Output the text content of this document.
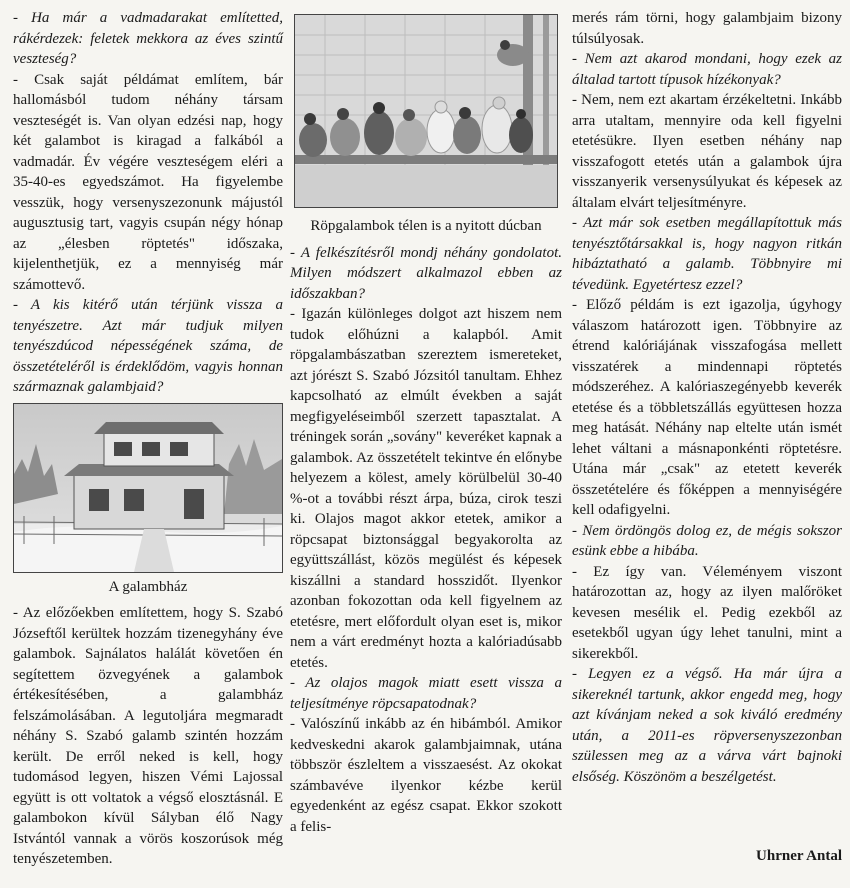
- Ha már a vadmadarakat említetted, rákérdezek: feletek mekkora az éves szintű veszteség?

- Csak saját példámat említem, bár hallomásból tudom néhány társam veszteségét is. Van olyan edzési nap, hogy két galambot is kiragad a falkából a vadmadár. Év végére veszteségem eléri a 35-40-es egyedszámot. Ha figyelembe vesszük, hogy versenyszezonunk májustól augusztusig tart, vagyis csupán négy hónap az „élesben röptetés" időszaka, kijelenthetjük, ez a mennyiség már számottevő.

- A kis kitérő után térjünk vissza a tenyészetre. Azt már tudjuk milyen tenyészdúcod népességének száma, de összetételéről is érdeklődöm, vagyis honnan származnak galambjaid?

A galambház

- Az előzőekben említettem, hogy S. Szabó Józseftől kerültek hozzám tizenegyhány éve galambok. Sajnálatos halálát követően én segítettem özvegyének a galambok értékesítésében, a galambház felszámolásában. A legutoljára megmaradt néhány S. Szabó galamb szintén hozzám került. De erről neked is kell, hogy tudomásod legyen, hiszen Vémi Lajossal együtt is ott voltatok a végső elosztásnál. E galambokon kívül Sályban élő Nagy Istvántól vannak a vörös koszorúsok még tenyészetemben.

Röpgalambok télen is a nyitott dúcban

- A felkészítésről mondj néhány gondolatot. Milyen módszert alkalmazol ebben az időszakban?

- Igazán különleges dolgot azt hiszem nem tudok előhúzni a kalapból. Amit röpgalambászatban szereztem ismereteket, azt jórészt S. Szabó Józsitól tanultam. Ehhez kapcsolható az elmúlt években a saját megfigyeléseimből szerzett tapasztalat. A tréningek során „sovány" keveréket kapnak a galambok. Az összetételt tekintve én előnybe helyezem a kölest, amely körülbelül 30-40 %-ot a további részt árpa, búza, cirok teszi ki. Olajos magot akkor etetek, amikor a röpcsapat biztonsággal begyakorolta az együttszállást, közös megülést és képesek kiszállni a standard hosszidőt. Ilyenkor azonban fokozottan oda kell figyelnem az etetésre, mert előfordult olyan eset is, mikor nem a várt eredményt hozta a kalóriadúsabb etetés.

- Az olajos magok miatt esett vissza a teljesítménye röpcsapatodnak?

- Valószínű inkább az én hibámból. Amikor kedveskedni akarok galambjaimnak, utána többször észleltem a visszaesést. Az okokat számbavéve ilyenkor kézbe kerül egyedenként az egész csapat. Ekkor szokott a felis-

merés rám törni, hogy galambjaim bizony túlsúlyosak.

- Nem azt akarod mondani, hogy ezek az általad tartott típusok hízékonyak?

- Nem, nem ezt akartam érzékeltetni. Inkább arra utaltam, mennyire oda kell figyelni etetésükre. Ilyen esetben néhány nap visszafogott etetés után a galambok újra visszanyerik versenysúlyukat és képesek az általam elvárt teljesítményre.

- Azt már sok esetben megállapítottuk más tenyésztőtársakkal is, hogy nagyon ritkán hibáztatható a galamb. Többnyire mi tévedünk. Egyetértesz ezzel?

- Előző példám is ezt igazolja, úgyhogy válaszom határozott igen. Többnyire az étrend kalóriájának visszafogása mellett visszatérek a mindennapi röptetés módszeréhez. A kalóriaszegényebb keverék etetése és a többletszállás együttesen hozza meg hatását. Néhány nap eltelte után ismét lehet váltani a másnaponkénti röptetésre. Utána már „csak" az etetett keverék összetételére és főképpen a mennyiségére kell odafigyelni.

- Nem ördöngös dolog ez, de mégis sokszor esünk ebbe a hibába.

- Ez így van. Véleményem viszont határozottan az, hogy az ilyen malőröket kevesen mesélik el. Pedig ezekből az esetekből ugyan úgy lehet tanulni, mint a sikerekből.

- Legyen ez a végső. Ha már újra a sikereknél tartunk, akkor engedd meg, hogy azt kívánjam neked a sok kiváló eredmény után, a 2011-es röpversenyszezonban szülessen meg az a várva várt bajnoki elsőség. Köszönöm a beszélgetést.

Uhrner Antal
